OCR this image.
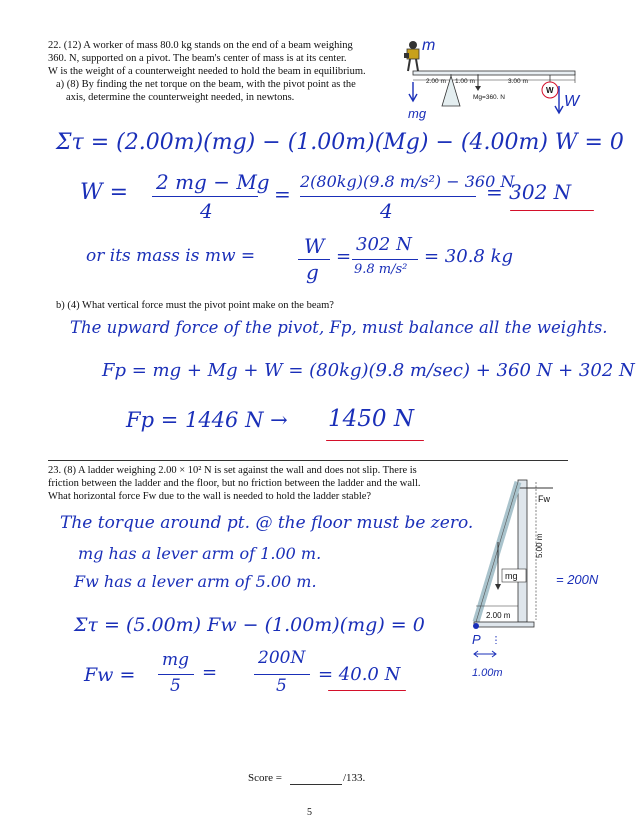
22. (12) A worker of mass 80.0 kg stands on the end of a beam weighing
360. N, supported on a pivot. The beam's center of mass is at its center.
W is the weight of a counterweight needed to hold the beam in equilibrium.
a) (8) By finding the net torque on the beam, with the pivot point as the
axis, determine the counterweight needed, in newtons.
m
2.00 m 1.00 m	3.00 m
Mg=360. N
W
W
mg
Στ = (2.00m)(mg) − (1.00m)(Mg) − (4.00m) W = 0
W = 2 mg − Mg
4
=
2(80kg)(9.8 m/s²) − 360 N
4
= 302 N
or its mass is mw = W
g
=
302 N
9.8 m/s²
= 30.8 kg
b) (4) What vertical force must the pivot point make on the beam?
The upward force of the pivot, Fp, must balance all the weights.
Fp = mg + Mg + W = (80kg)(9.8 m/sec) + 360 N + 302 N
Fp = 1446 N → 1450 N
23. (8) A ladder weighing 2.00 × 10² N is set against the wall and does not slip. There is
friction between the ladder and the floor, but no friction between the ladder and the wall.
What horizontal force Fw due to the wall is needed to hold the ladder stable?	Fw
5.00 m
mg	= 200N
2.00 m
P
1.00m
The torque around pt. @ the floor must be zero.
mg has a lever arm of 1.00 m.
Fw has a lever arm of 5.00 m.
Στ = (5.00m) Fw − (1.00m)(mg) = 0
Fw =
mg
5
=
200N
5
= 40.0 N
Score =	/133.
5
